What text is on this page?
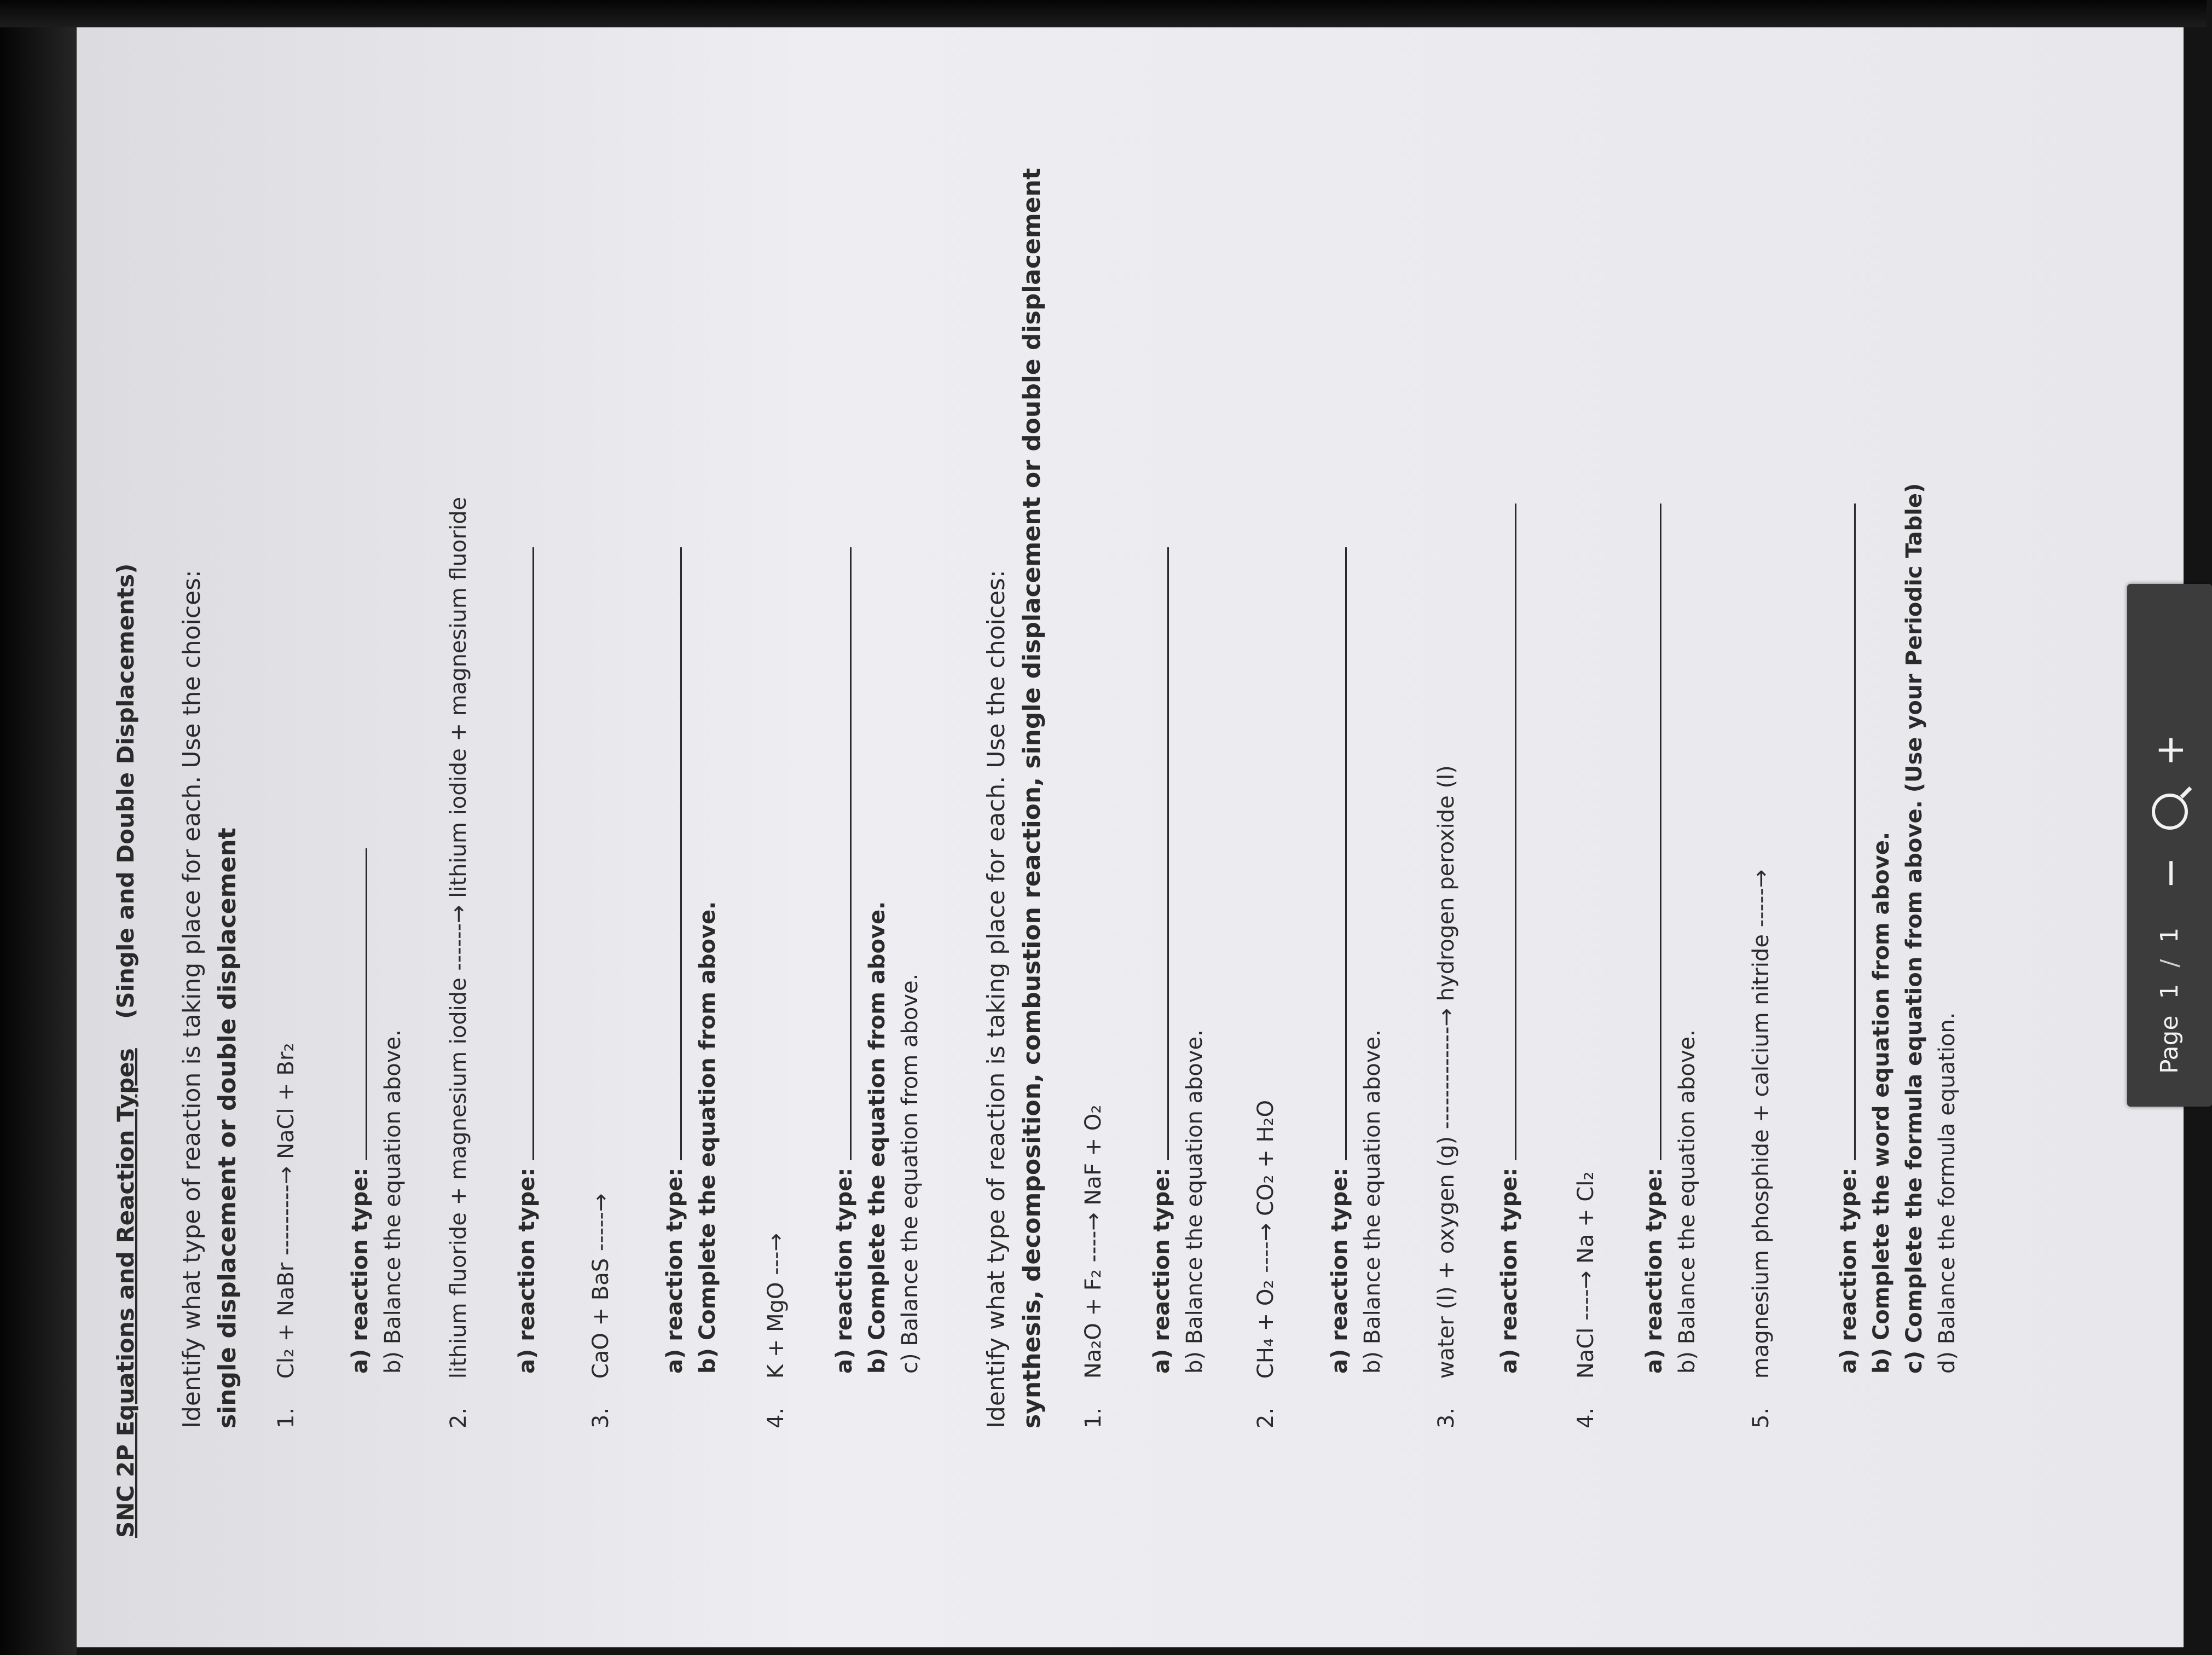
SNC 2P Equations and Reaction Types (Single and Double Displacements) Identify what type of reaction is taking place for each. Use the choices: single displacement or double displacement 1. Cl₂ + NaBr ---------→ NaCl + Br₂ a) reaction type: b) Balance the equation above.
2. lithium fluoride + magnesium iodide ------→ lithium iodide + magnesium fluoride a) reaction type:
3. CaO + BaS -----→ a) reaction type: b) Complete the equation from above.
4. K + MgO ---→ a) reaction type: b) Complete the equation from above. c) Balance the equation from above. Identify what type of reaction is taking place for each. Use the choices: synthesis, decomposition, combustion reaction, single displacement or double displacement 1. Na₂O + F₂ ----→ NaF + O₂ a) reaction type: b) Balance the equation above.
2. CH₄ + O₂ ----→ CO₂ + H₂O a) reaction type: b) Balance the equation above.
3. water (l) + oxygen (g) -------------→ hydrogen peroxide (l) a) reaction type:
4. NaCl ----→ Na + Cl₂ a) reaction type: b) Balance the equation above.
5. magnesium phosphide + calcium nitride -----→	a) reaction type: b) Complete the word equation from above. c) Complete the formula equation from above. (Use your Periodic Table) d) Balance the formula equation.	Page
1
/
1
−
+
